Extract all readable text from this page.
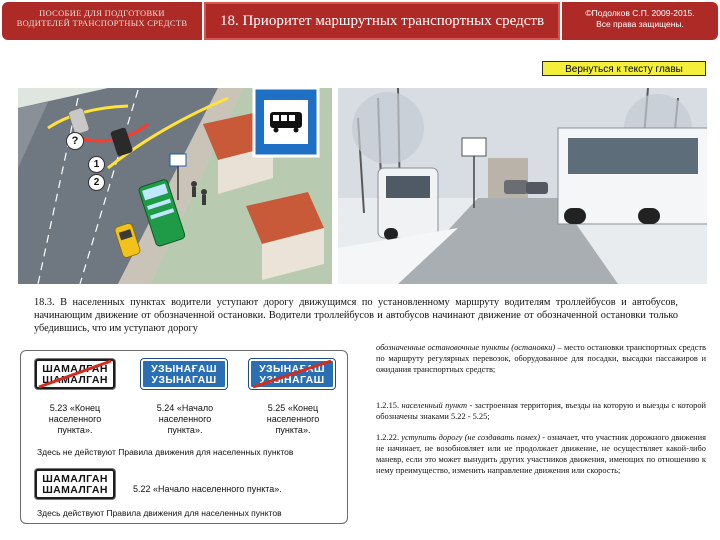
ПОСОБИЕ ДЛЯ ПОДГОТОВКИ
ВОДИТЕЛЕЙ ТРАНСПОРТНЫХ СРЕДСТВ	18. Приоритет маршрутных транспортных средств	©Подолков С.П. 2009-2015.
Все права защищены.
Вернуться к тексту главы
?
1
2
18.3. В населенных пунктах водители уступают дорогу движущимся по установленному маршруту водителям троллейбусов и автобусов, начинающим движение от обозначенной остановки. Водители троллейбусов и автобусов начинают движение от обозначенной остановки только убедившись, что им уступают дорогу
ШАМАЛГАН
ШАМАЛГАН
УЗЫНАҒАШ
УЗЫНАГАШ
УЗЫНАҒАШ
УЗЫНАГАШ
5.23 «Конец населенного пункта».
5.24 «Начало населенного пункта».
5.25 «Конец населенного пункта».
Здесь не действуют Правила движения для населенных пунктов
ШАМАЛГАН
ШАМАЛГАН	5.22 «Начало населенного пункта».
Здесь действуют Правила движения для населенных пунктов
обозначенные остановочные пункты (остановки) – место остановки транспортных средств по маршруту регулярных перевозок, оборудованное для посадки, высадки пассажиров и ожидания транспортных средств;
1.2.15. населенный пункт - застроенная территория, въезды на которую и выезды с которой обозначены знаками 5.22 - 5.25;
1.2.22. уступить дорогу (не создавать помех) - означает, что участник дорожного движения не начинает, не возобновляет или не продолжает движение, не осуществляет какой-либо маневр, если это может вынудить других участников движения, имеющих по отношению к нему преимущество, изменить направление движения или скорость;
